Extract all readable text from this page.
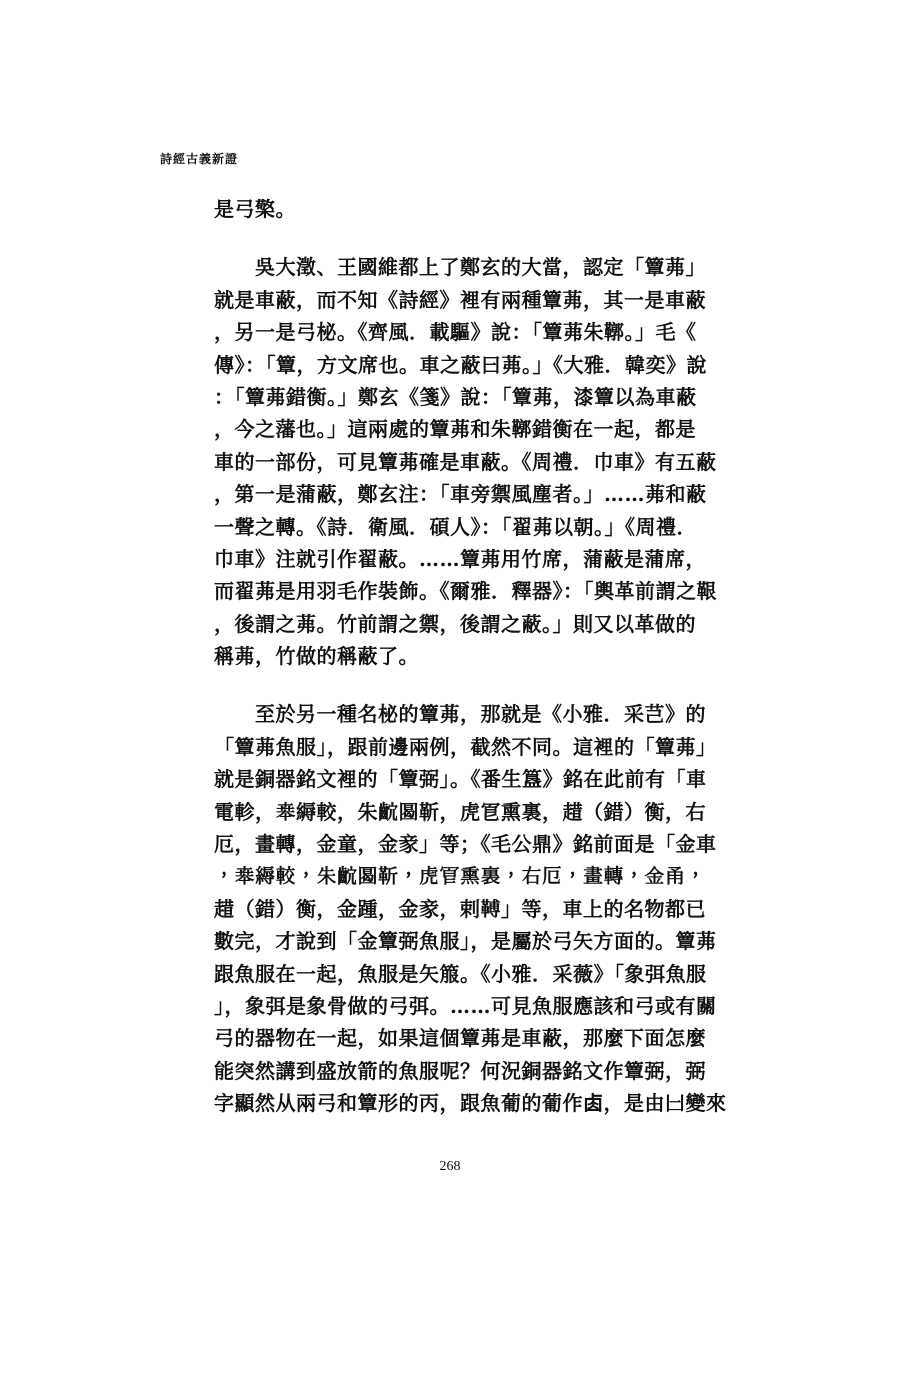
詩經古義新證
是弓檠。
　　吳大澂、王國維都上了鄭玄的大當，認定「簟茀」
就是車蔽，而不知《詩經》裡有兩種簟茀，其一是車蔽
，另一是弓柲。《齊風．載驅》說：「簟茀朱鞹。」毛《
傳》：「簟，方文席也。車之蔽曰茀。」《大雅．韓奕》說
：「簟茀錯衡。」鄭玄《箋》說：「簟茀，漆簟以為車蔽
，今之藩也。」這兩處的簟茀和朱鞹錯衡在一起，都是
車的一部份，可見簟茀確是車蔽。《周禮．巾車》有五蔽
，第一是蒲蔽，鄭玄注：「車旁禦風塵者。」……茀和蔽
一聲之轉。《詩．衛風．碩人》：「翟茀以朝。」《周禮．
巾車》注就引作翟蔽。……簟茀用竹席，蒲蔽是蒲席，
而翟茀是用羽毛作裝飾。《爾雅．釋器》：「輿革前謂之鞎
，後謂之茀。竹前謂之禦，後謂之蔽。」則又以革做的
稱茀，竹做的稱蔽了。
　　至於另一種名柲的簟茀，那就是《小雅．采芑》的
「簟茀魚服」，跟前邊兩例，截然不同。這裡的「簟茀」
就是銅器銘文裡的「簟弼」。《番生簋》銘在此前有「車
電軫，𠦪縟較，朱𪗴𡇼靳，虎冟熏裏，趞（錯）衡，右
厄，畫轉，金童，金豙」等；《毛公鼎》銘前面是「金車
，𠦪縟較，朱𪗴𡇼靳，虎冟熏裏，右厄，畫轉，金甬，
趞（錯）衡，金踵，金豙，剌𩌏」等，車上的名物都已
數完，才說到「金簟弼魚服」，是屬於弓矢方面的。簟茀
跟魚服在一起，魚服是矢箙。《小雅．采薇》「象弭魚服
」，象弭是象骨做的弓弭。……可見魚服應該和弓或有關
弓的器物在一起，如果這個簟茀是車蔽，那麼下面怎麼
能突然講到盛放箭的魚服呢？何況銅器銘文作簟弼，弼
字顯然从兩弓和簟形的丙，跟魚葡的葡作𠧪，是由𠙵變來
268
